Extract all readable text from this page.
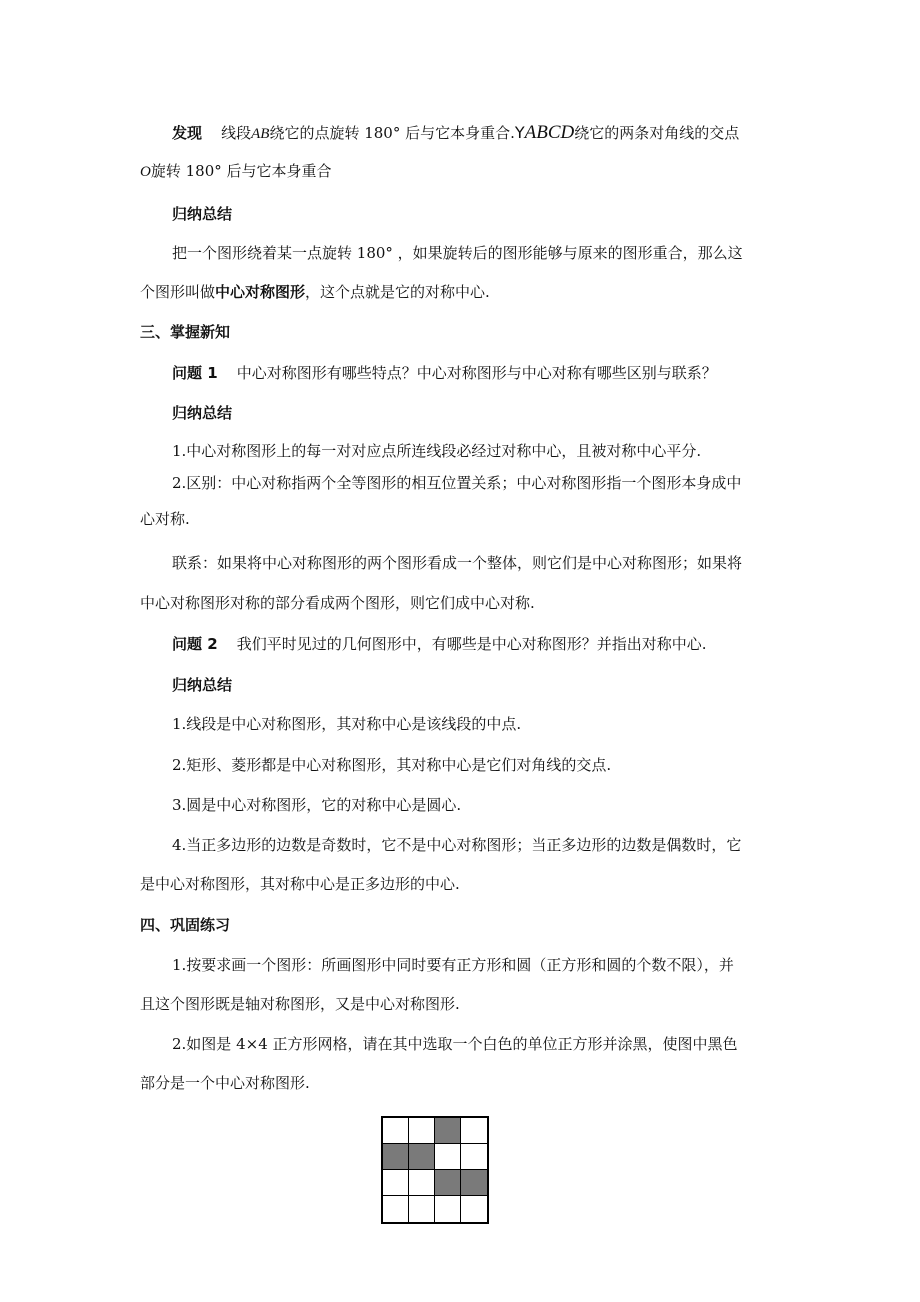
发现 线段AB绕它的点旋转 180° 后与它本身重合.YABCD绕它的两条对角线的交点
O旋转 180° 后与它本身重合
归纳总结
把一个图形绕着某一点旋转 180° ，如果旋转后的图形能够与原来的图形重合，那么这
个图形叫做中心对称图形，这个点就是它的对称中心.
三、掌握新知
问题 1 中心对称图形有哪些特点？中心对称图形与中心对称有哪些区别与联系？
归纳总结
1.中心对称图形上的每一对对应点所连线段必经过对称中心，且被对称中心平分.
2.区别：中心对称指两个全等图形的相互位置关系；中心对称图形指一个图形本身成中
心对称.
联系：如果将中心对称图形的两个图形看成一个整体，则它们是中心对称图形；如果将
中心对称图形对称的部分看成两个图形，则它们成中心对称.
问题 2 我们平时见过的几何图形中，有哪些是中心对称图形？并指出对称中心.
归纳总结
1.线段是中心对称图形，其对称中心是该线段的中点.
2.矩形、菱形都是中心对称图形，其对称中心是它们对角线的交点.
3.圆是中心对称图形，它的对称中心是圆心.
4.当正多边形的边数是奇数时，它不是中心对称图形；当正多边形的边数是偶数时，它
是中心对称图形，其对称中心是正多边形的中心.
四、巩固练习
1.按要求画一个图形：所画图形中同时要有正方形和圆（正方形和圆的个数不限），并
且这个图形既是轴对称图形，又是中心对称图形.
2.如图是 4×4 正方形网格，请在其中选取一个白色的单位正方形并涂黑，使图中黑色
部分是一个中心对称图形.
